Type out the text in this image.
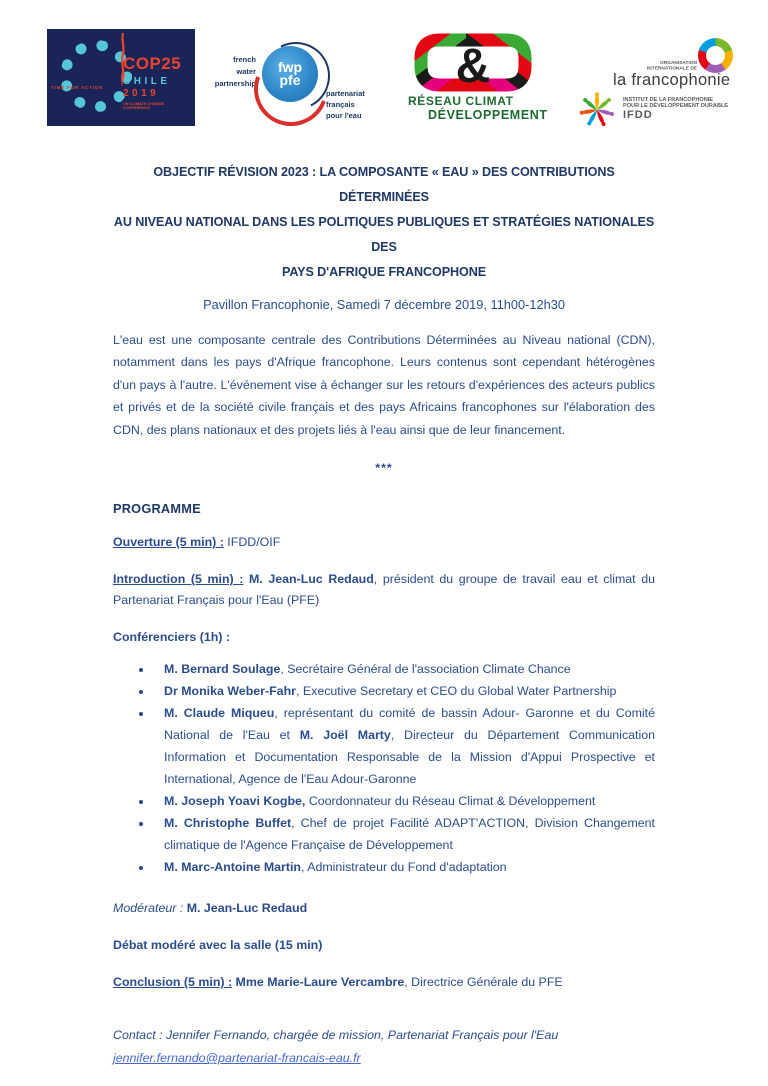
TIME FOR ACTION
COP25
CHILE
2019
UN CLIMATE CHANGE
CONFERENCE
french
water
partnership
fwp
pfe
partenariat
français
pour l'eau
&
RÉSEAU CLIMAT
DÉVELOPPEMENT
ORGANISATION
INTERNATIONALE DE
la francophonie
INSTITUT DE LA FRANCOPHONIE
POUR LE DÉVELOPPEMENT DURABLE
IFDD
OBJECTIF RÉVISION 2023 : LA COMPOSANTE « EAU » DES CONTRIBUTIONS DÉTERMINÉES
AU NIVEAU NATIONAL DANS LES POLITIQUES PUBLIQUES ET STRATÉGIES NATIONALES DES
PAYS D'AFRIQUE FRANCOPHONE
Pavillon Francophonie, Samedi 7 décembre 2019, 11h00-12h30
L'eau est une composante centrale des Contributions Déterminées au Niveau national (CDN), notamment dans les pays d'Afrique francophone. Leurs contenus sont cependant hétérogènes d'un pays à l'autre. L'événement vise à échanger sur les retours d'expériences des acteurs publics et privés et de la société civile français et des pays Africains francophones sur l'élaboration des CDN, des plans nationaux et des projets liés à l'eau ainsi que de leur financement.
***
PROGRAMME
Ouverture (5 min) : IFDD/OIF
Introduction (5 min) : M. Jean-Luc Redaud, président du groupe de travail eau et climat du Partenariat Français pour l'Eau (PFE)
Conférenciers (1h) :
• M. Bernard Soulage, Secrétaire Général de l'association Climate Chance
• Dr Monika Weber-Fahr, Executive Secretary et CEO du Global Water Partnership
• M. Claude Miqueu, représentant du comité de bassin Adour- Garonne et du Comité National de l'Eau et M. Joël Marty, Directeur du Département Communication Information et Documentation Responsable de la Mission d'Appui Prospective et International, Agence de l'Eau Adour-Garonne
• M. Joseph Yoavi Kogbe, Coordonnateur du Réseau Climat & Développement
• M. Christophe Buffet, Chef de projet Facilité ADAPT'ACTION, Division Changement climatique de l'Agence Française de Développement
• M. Marc-Antoine Martin, Administrateur du Fond d'adaptation
Modérateur : M. Jean-Luc Redaud
Débat modéré avec la salle (15 min)
Conclusion (5 min) : Mme Marie-Laure Vercambre, Directrice Générale du PFE
Contact : Jennifer Fernando, chargée de mission, Partenariat Français pour l'Eau
jennifer.fernando@partenariat-francais-eau.fr
